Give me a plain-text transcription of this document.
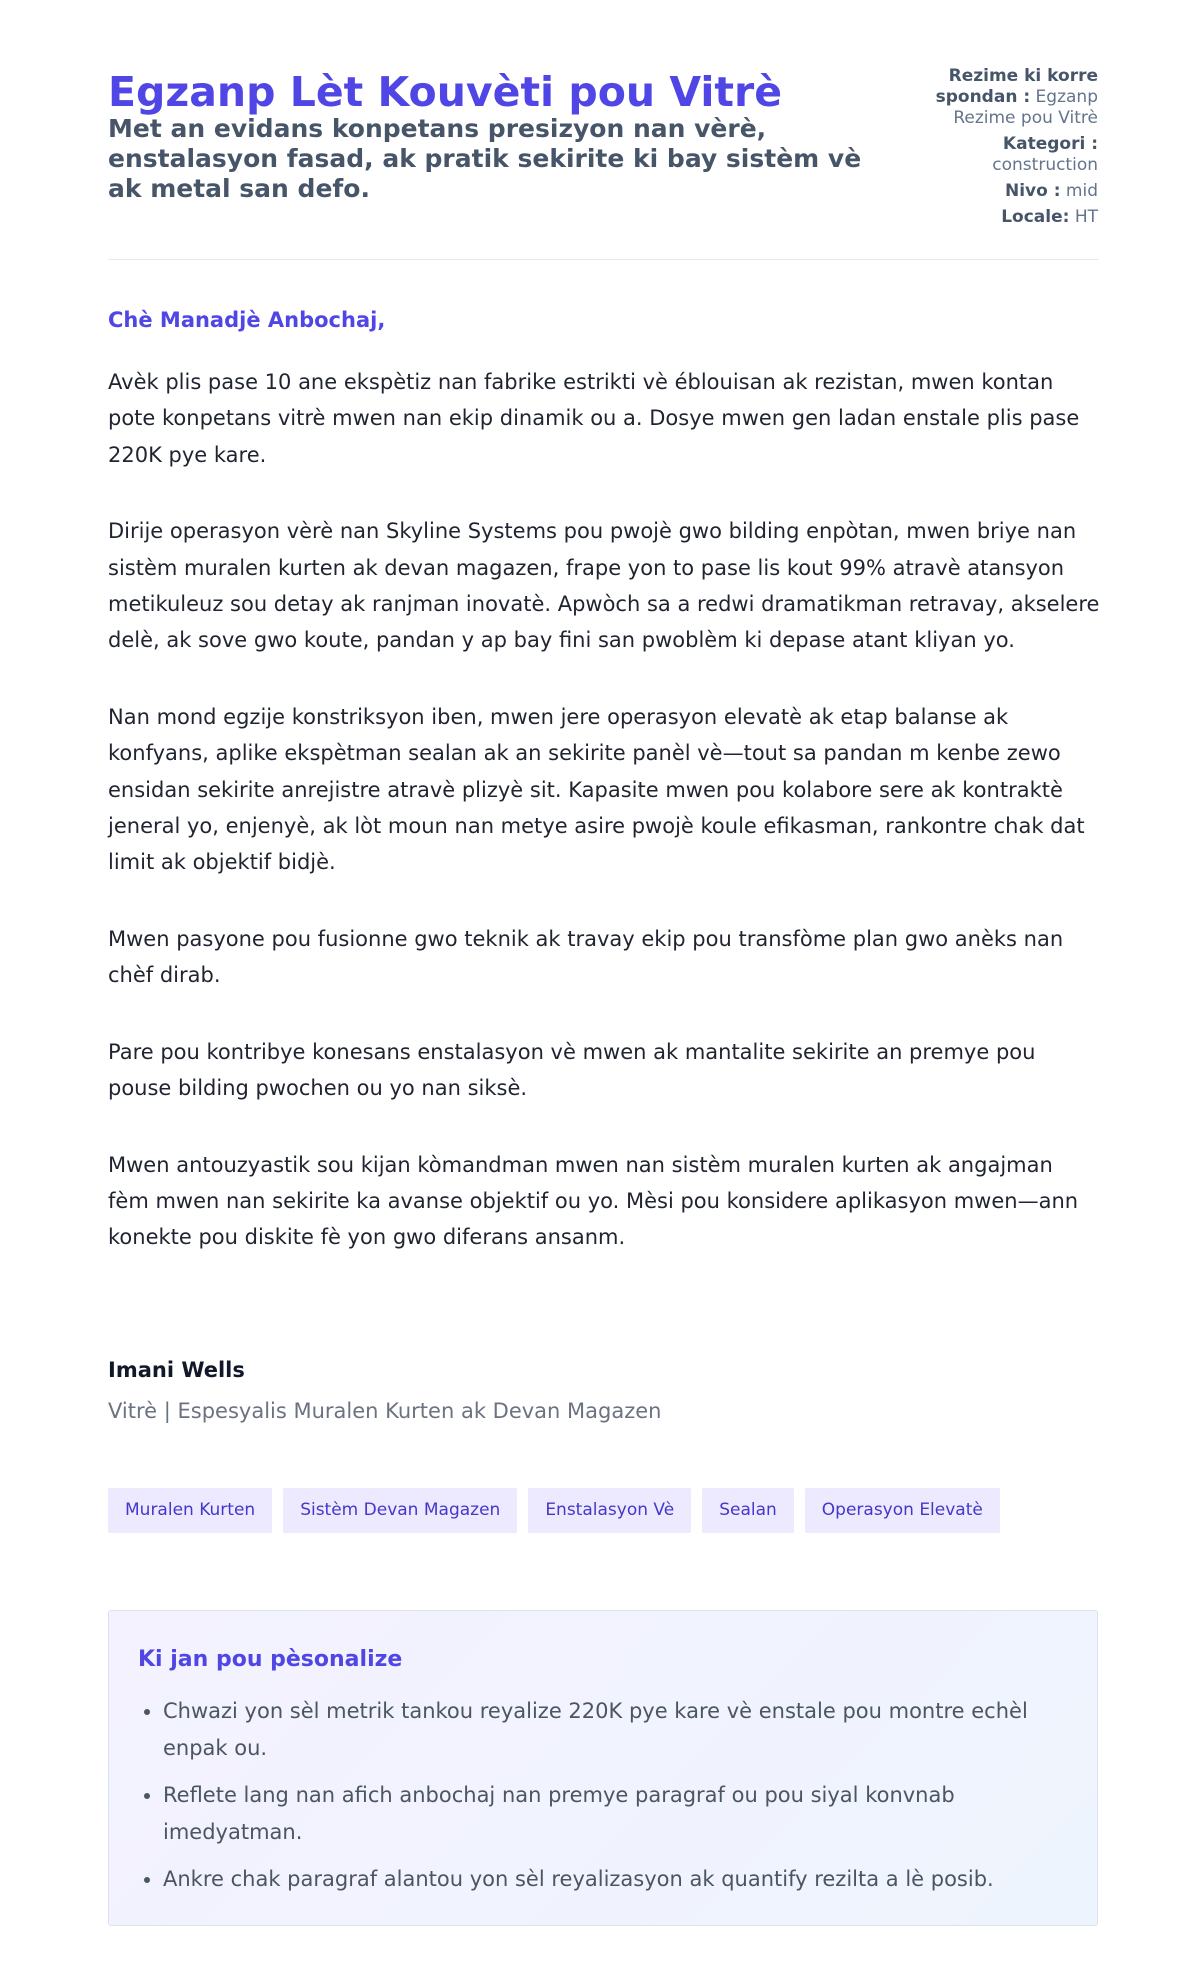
Egzanp Lèt Kouvèti pou Vitrè
Met an evidans konpetans presizyon nan vèrè, enstalasyon fasad, ak pratik sekirite ki bay sistèm vè ak metal san defo.
Rezime ki korre spondan : Egzanp Rezime pou Vitrè
Kategori :
construction
Nivo : mid
Locale: HT
Chè Manadjè Anbochaj,

Avèk plis pase 10 ane ekspètiz nan fabrike estrikti vè éblouisan ak rezistan, mwen kontan pote konpetans vitrè mwen nan ekip dinamik ou a. Dosye mwen gen ladan enstale plis pase 220K pye kare.

Dirije operasyon vèrè nan Skyline Systems pou pwojè gwo bilding enpòtan, mwen briye nan sistèm muralen kurten ak devan magazen, frape yon to pase lis kout 99% atravè atansyon metikuleuz sou detay ak ranjman inovatè. Apwòch sa a redwi dramatikman retravay, akselere delè, ak sove gwo koute, pandan y ap bay fini san pwoblèm ki depase atant kliyan yo.

Nan mond egzije konstriksyon iben, mwen jere operasyon elevatè ak etap balanse ak konfyans, aplike ekspètman sealan ak an sekirite panèl vè—tout sa pandan m kenbe zewo ensidan sekirite anrejistre atravè plizyè sit. Kapasite mwen pou kolabore sere ak kontraktè jeneral yo, enjenyè, ak lòt moun nan metye asire pwojè koule efikasman, rankontre chak dat limit ak objektif bidjè.

Mwen pasyone pou fusionne gwo teknik ak travay ekip pou transfòme plan gwo anèks nan chèf dirab.

Pare pou kontribye konesans enstalasyon vè mwen ak mantalite sekirite an premye pou pouse bilding pwochen ou yo nan siksè.

Mwen antouzyastik sou kijan kòmandman mwen nan sistèm muralen kurten ak angajman fèm mwen nan sekirite ka avanse objektif ou yo. Mèsi pou konsidere aplikasyon mwen—ann konekte pou diskite fè yon gwo diferans ansanm.

Imani Wells
Vitrè | Espesyalis Muralen Kurten ak Devan Magazen
Muralen Kurten	Sistèm Devan Magazen	Enstalasyon Vè	Sealan	Operasyon Elevatè
Ki jan pou pèsonalize
• Chwazi yon sèl metrik tankou reyalize 220K pye kare vè enstale pou montre echèl enpak ou.
• Reflete lang nan afich anbochaj nan premye paragraf ou pou siyal konvnab imedyatman.
• Ankre chak paragraf alantou yon sèl reyalizasyon ak quantify rezilta a lè posib.
